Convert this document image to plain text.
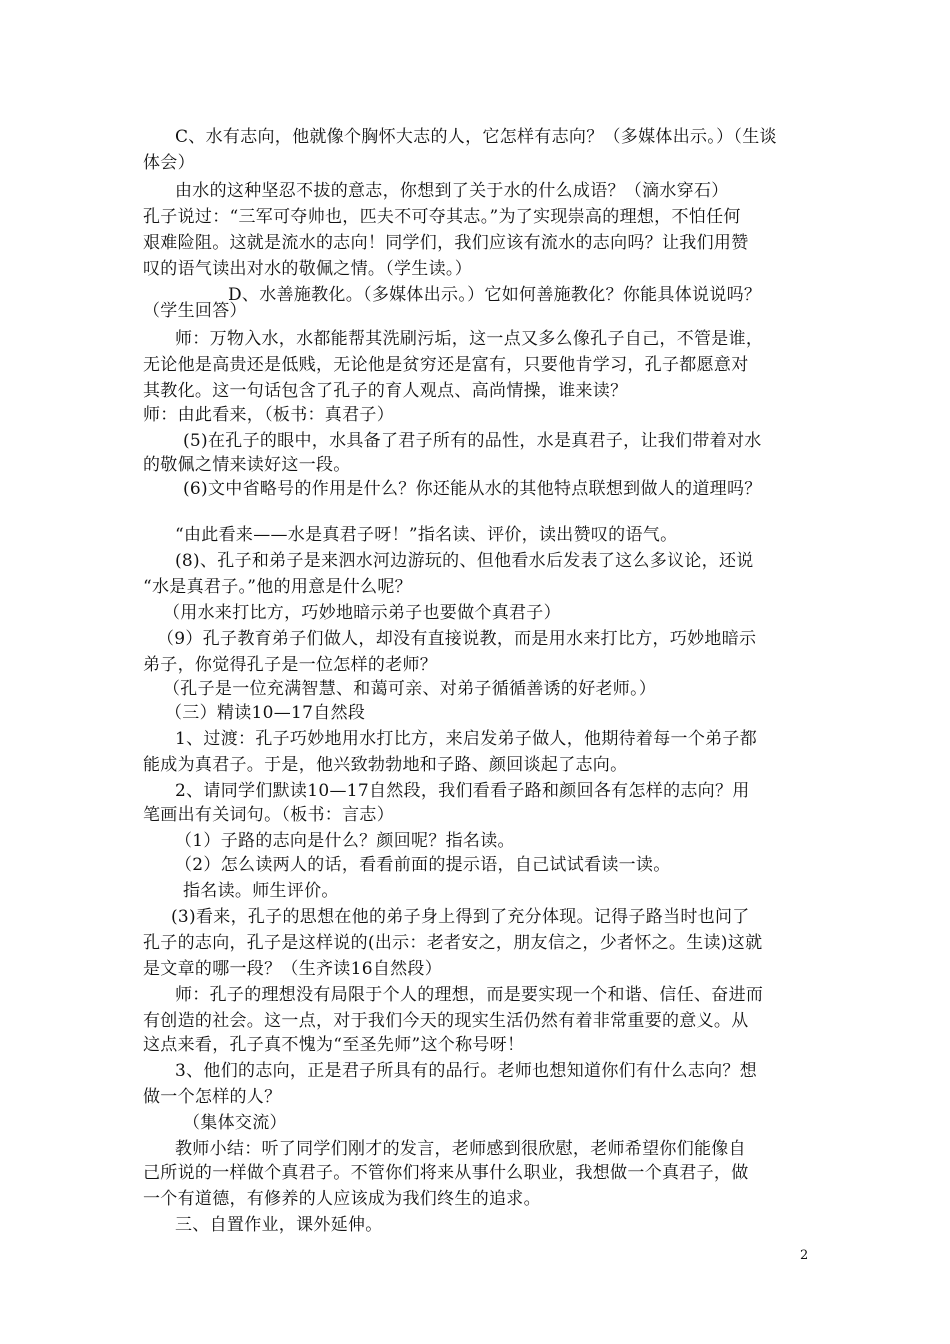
C、水有志向，他就像个胸怀大志的人，它怎样有志向？（多媒体出示。）（生谈
体会）
由水的这种坚忍不拔的意志，你想到了关于水的什么成语？（滴水穿石）
孔子说过：“三军可夺帅也，匹夫不可夺其志。”为了实现崇高的理想，不怕任何
艰难险阻。这就是流水的志向！同学们，我们应该有流水的志向吗？让我们用赞
叹的语气读出对水的敬佩之情。（学生读。）
D、水善施教化。（多媒体出示。）它如何善施教化？你能具体说说吗？
（学生回答）
师：万物入水，水都能帮其洗刷污垢，这一点又多么像孔子自己，不管是谁，
无论他是高贵还是低贱，无论他是贫穷还是富有，只要他肯学习，孔子都愿意对
其教化。这一句话包含了孔子的育人观点、高尚情操，谁来读？
师：由此看来，（板书：真君子）
(5)在孔子的眼中，水具备了君子所有的品性，水是真君子，让我们带着对水
的敬佩之情来读好这一段。
(6)文中省略号的作用是什么？你还能从水的其他特点联想到做人的道理吗？
“由此看来——水是真君子呀！”指名读、评价，读出赞叹的语气。
(8)、孔子和弟子是来泗水河边游玩的、但他看水后发表了这么多议论，还说
“水是真君子。”他的用意是什么呢？
（用水来打比方，巧妙地暗示弟子也要做个真君子）
（9）孔子教育弟子们做人，却没有直接说教，而是用水来打比方，巧妙地暗示
弟子，你觉得孔子是一位怎样的老师？
（孔子是一位充满智慧、和蔼可亲、对弟子循循善诱的好老师。）
（三）精读10—17自然段
1、过渡：孔子巧妙地用水打比方，来启发弟子做人，他期待着每一个弟子都
能成为真君子。于是，他兴致勃勃地和子路、颜回谈起了志向。
2、请同学们默读10—17自然段，我们看看子路和颜回各有怎样的志向？用
笔画出有关词句。（板书：言志）
（1）子路的志向是什么？颜回呢？指名读。
（2）怎么读两人的话，看看前面的提示语，自己试试看读一读。
指名读。师生评价。
(3)看来，孔子的思想在他的弟子身上得到了充分体现。记得子路当时也问了
孔子的志向，孔子是这样说的(出示：老者安之，朋友信之，少者怀之。生读)这就
是文章的哪一段？（生齐读16自然段）
师：孔子的理想没有局限于个人的理想，而是要实现一个和谐、信任、奋进而
有创造的社会。这一点，对于我们今天的现实生活仍然有着非常重要的意义。从
这点来看，孔子真不愧为“至圣先师”这个称号呀！
3、他们的志向，正是君子所具有的品行。老师也想知道你们有什么志向？想
做一个怎样的人？
（集体交流）
教师小结：听了同学们刚才的发言，老师感到很欣慰，老师希望你们能像自
己所说的一样做个真君子。不管你们将来从事什么职业，我想做一个真君子，做
一个有道德，有修养的人应该成为我们终生的追求。
三、自置作业，课外延伸。
2
